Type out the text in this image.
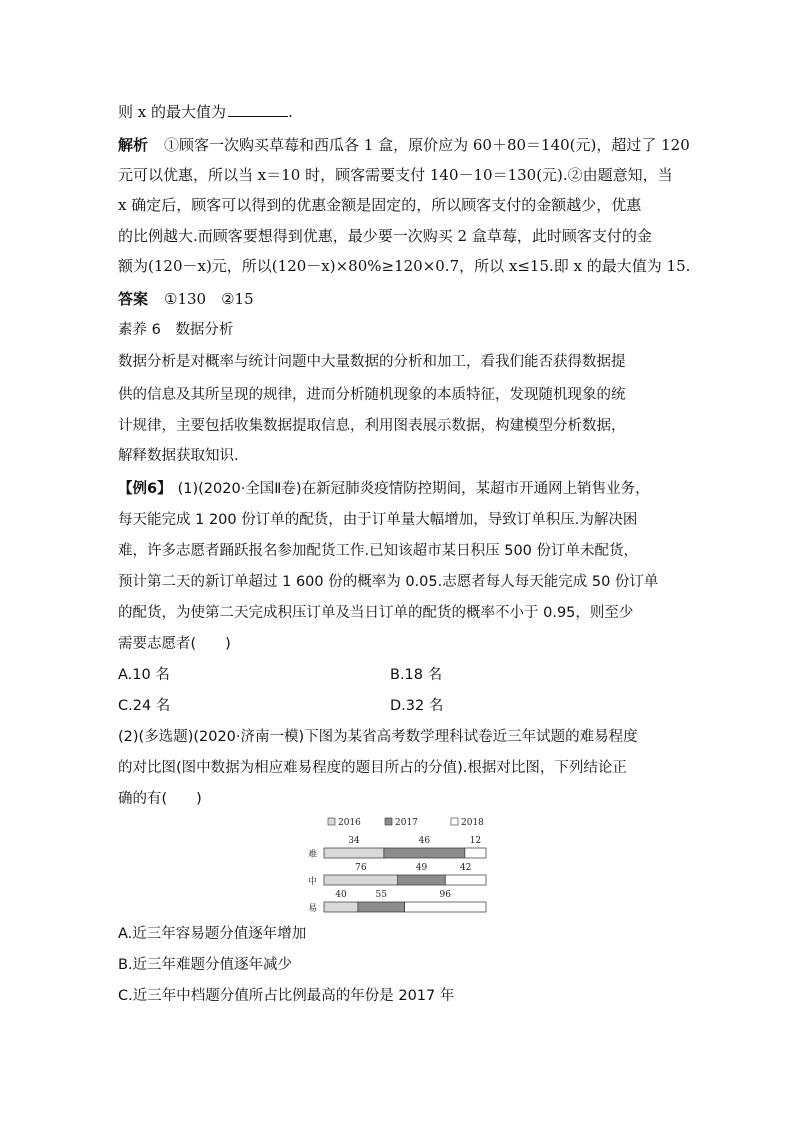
则 x 的最大值为	.
解析 ①顾客一次购买草莓和西瓜各 1 盒，原价应为 60＋80＝140(元)，超过了 120
元可以优惠，所以当 x＝10 时，顾客需要支付 140－10＝130(元).②由题意知，当
x 确定后，顾客可以得到的优惠金额是固定的，所以顾客支付的金额越少，优惠
的比例越大.而顾客要想得到优惠，最少要一次购买 2 盒草莓，此时顾客支付的金
额为(120－x)元，所以(120－x)×80%≥120×0.7，所以 x≤15.即 x 的最大值为 15.
答案 ①130　②15
素养 6　数据分析
数据分析是对概率与统计问题中大量数据的分析和加工，看我们能否获得数据提
供的信息及其所呈现的规律，进而分析随机现象的本质特征，发现随机现象的统
计规律，主要包括收集数据提取信息，利用图表展示数据，构建模型分析数据，
解释数据获取知识.
【例6】 (1)(2020·全国Ⅱ卷)在新冠肺炎疫情防控期间，某超市开通网上销售业务，
每天能完成 1 200 份订单的配货，由于订单量大幅增加，导致订单积压.为解决困
难，许多志愿者踊跃报名参加配货工作.已知该超市某日积压 500 份订单未配货，
预计第二天的新订单超过 1 600 份的概率为 0.05.志愿者每人每天能完成 50 份订单
的配货，为使第二天完成积压订单及当日订单的配货的概率不小于 0.95，则至少
需要志愿者(　　)
A.10 名	B.18 名
C.24 名	D.32 名
(2)(多选题)(2020·济南一模)下图为某省高考数学理科试卷近三年试题的难易程度
的对比图(图中数据为相应难易程度的题目所占的分值).根据对比图，下列结论正
确的有(　　)
2016	2017	2018
难
34	46	12
中
76	49	42
易
40	55	96
A.近三年容易题分值逐年增加
B.近三年难题分值逐年减少
C.近三年中档题分值所占比例最高的年份是 2017 年
